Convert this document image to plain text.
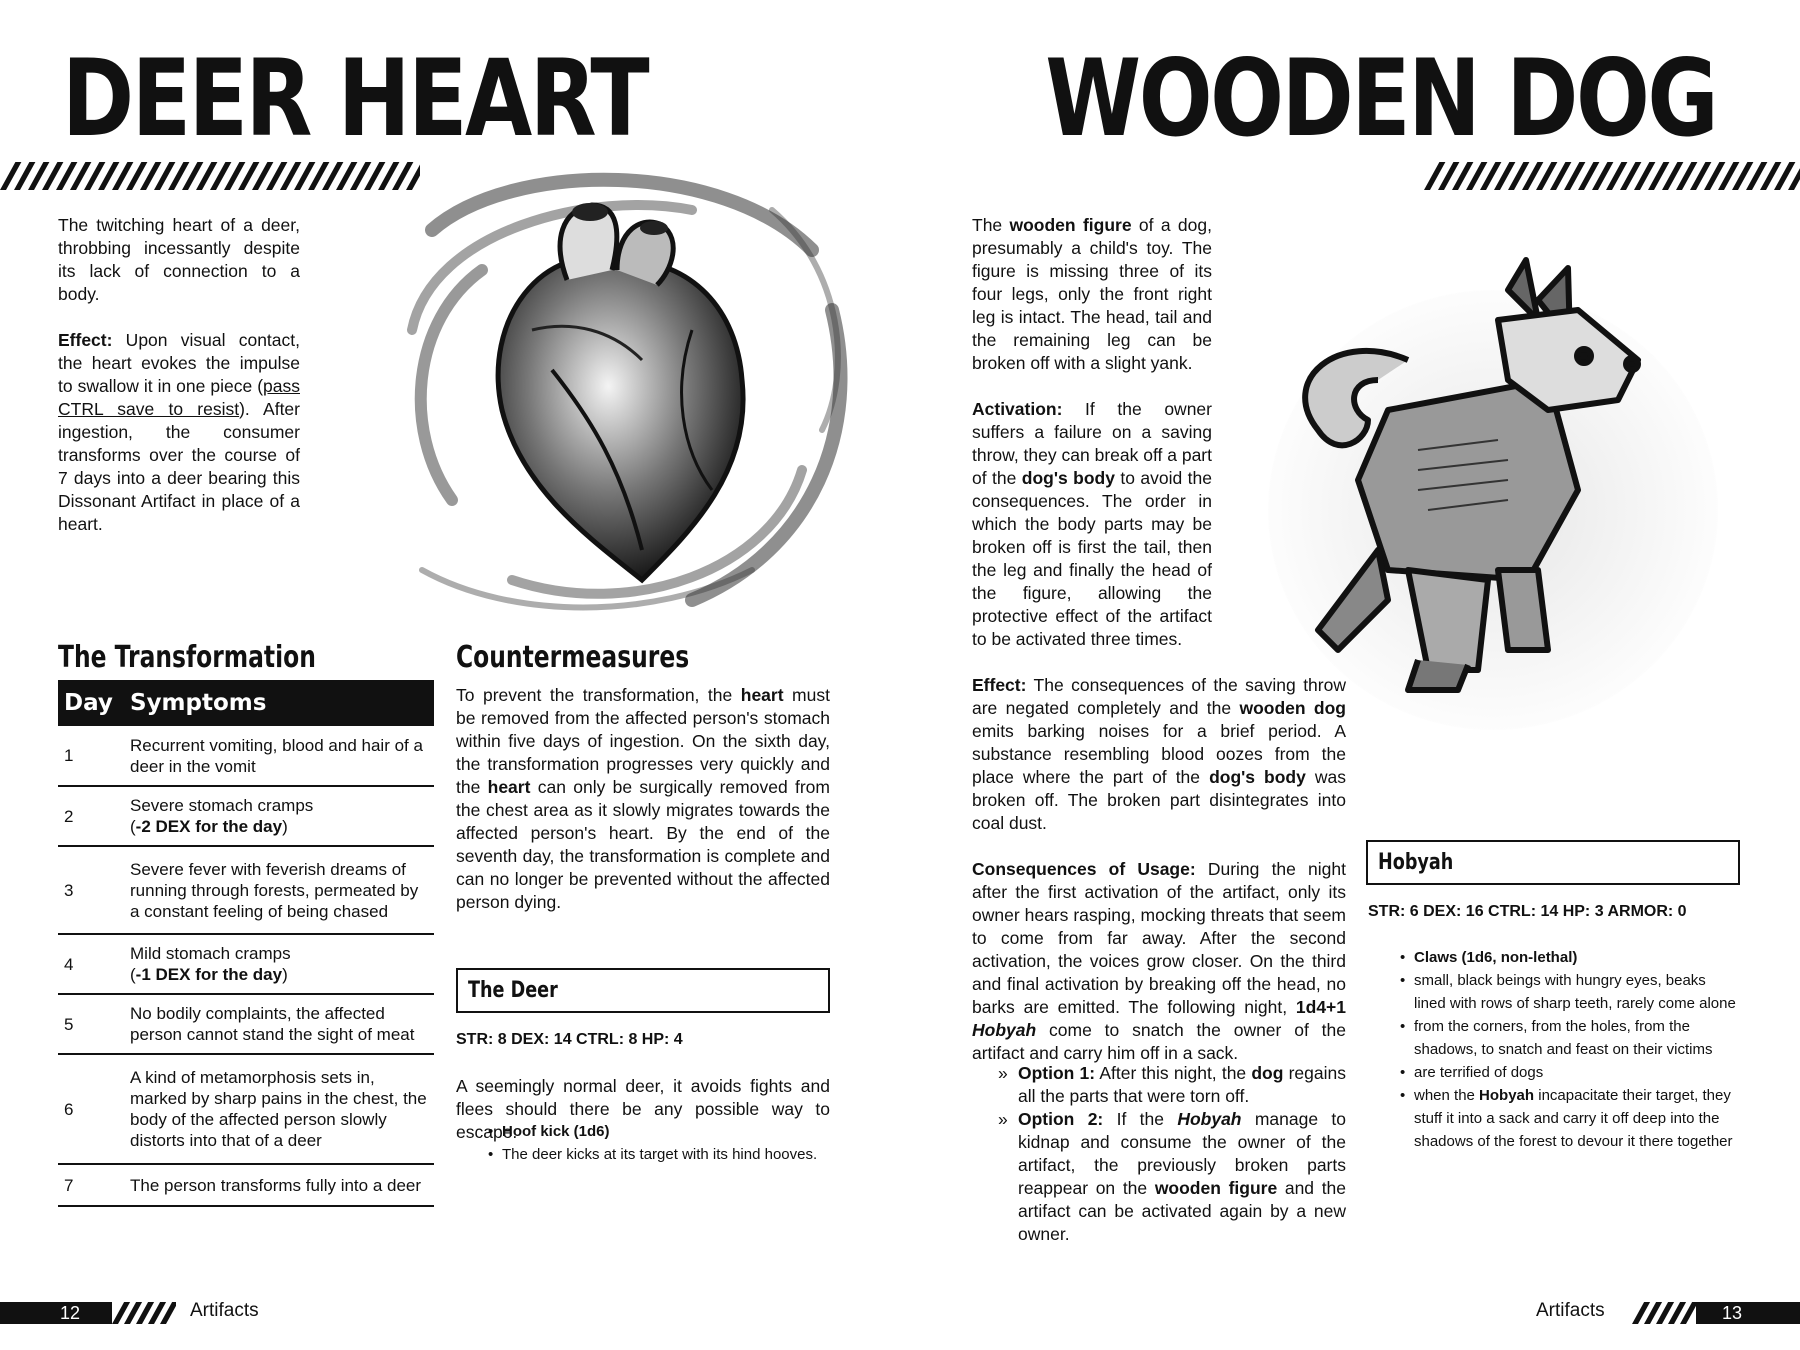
DEER HEART

The twitching heart of a deer, throbbing incessantly despite its lack of connection to a body.

Effect: Upon visual contact, the heart evokes the impulse to swallow it in one piece (pass CTRL save to resist). After ingestion, the consumer transforms over the course of 7 days into a deer bearing this Dissonant Artifact in place of a heart.

The Transformation
Day	Symptoms
1	Recurrent vomiting, blood and hair of a deer in the vomit
2	Severe stomach cramps
(-2 DEX for the day)
3	Severe fever with feverish dreams of running through forests, permeated by a constant feeling of being chased
4	Mild stomach cramps
(-1 DEX for the day)
5	No bodily complaints, the affected person cannot stand the sight of meat
6	A kind of metamorphosis sets in, marked by sharp pains in the chest, the body of the affected person slowly distorts into that of a deer
7	The person transforms fully into a deer
Countermeasures

To prevent the transformation, the heart must be removed from the affected person's stomach within five days of ingestion. On the sixth day, the transformation progresses very quickly and the heart can only be surgically removed from the chest area as it slowly migrates towards the affected person's heart. By the end of the seventh day, the transformation is complete and can no longer be prevented without the affected person dying.

The Deer
STR: 8 DEX: 14 CTRL: 8 HP: 4

A seemingly normal deer, it avoids fights and flees should there be any possible way to escape.

• Hoof kick (1d6)
• The deer kicks at its target with its hind hooves.
12	Artifacts
WOODEN DOG

The wooden figure of a dog, presumably a child's toy. The figure is missing three of its four legs, only the front right leg is intact. The head, tail and the remaining leg can be broken off with a slight yank.

Activation: If the owner suffers a failure on a saving throw, they can break off a part of the dog's body to avoid the consequences. The order in which the body parts may be broken off is first the tail, then the leg and finally the head of the figure, allowing the protective effect of the artifact to be activated three times.

Effect: The consequences of the saving throw are negated completely and the wooden dog emits barking noises for a brief period. A substance resembling blood oozes from the place where the part of the dog's body was broken off. The broken part disintegrates into coal dust.

Consequences of Usage: During the night after the first activation of the artifact, only its owner hears rasping, mocking threats that seem to come from far away. After the second activation, the voices grow closer. On the third and final activation by breaking off the head, no barks are emitted. The following night, 1d4+1 Hobyah come to snatch the owner of the artifact and carry him off in a sack.

» Option 1: After this night, the dog regains all the parts that were torn off.
» Option 2: If the Hobyah manage to kidnap and consume the owner of the artifact, the previously broken parts reappear on the wooden figure and the artifact can be activated again by a new owner.
Hobyah
STR: 6 DEX: 16 CTRL: 14 HP: 3 ARMOR: 0
• Claws (1d6, non-lethal)
• small, black beings with hungry eyes, beaks lined with rows of sharp teeth, rarely come alone
• from the corners, from the holes, from the shadows, to snatch and feast on their victims
• are terrified of dogs
• when the Hobyah incapacitate their target, they stuff it into a sack and carry it off deep into the shadows of the forest to devour it there together
Artifacts	13
